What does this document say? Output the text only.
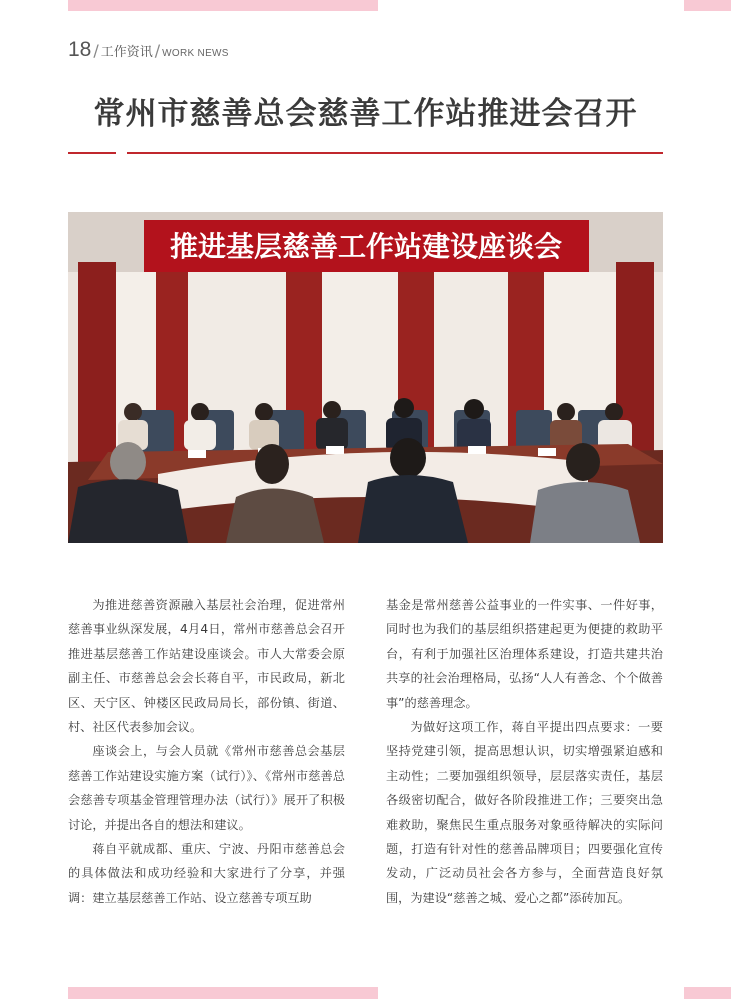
18 / 工作资讯 / WORK NEWS
常州市慈善总会慈善工作站推进会召开
推进基层慈善工作站建设座谈会

为推进慈善资源融入基层社会治理，促进常州慈善事业纵深发展，4月4日，常州市慈善总会召开推进基层慈善工作站建设座谈会。市人大常委会原副主任、市慈善总会会长蒋自平，市民政局，新北区、天宁区、钟楼区民政局局长，部份镇、街道、村、社区代表参加会议。

座谈会上，与会人员就《常州市慈善总会基层慈善工作站建设实施方案（试行）》、《常州市慈善总会慈善专项基金管理管理办法（试行）》展开了积极讨论，并提出各自的想法和建议。

蒋自平就成都、重庆、宁波、丹阳市慈善总会的具体做法和成功经验和大家进行了分享，并强调：建立基层慈善工作站、设立慈善专项互助

基金是常州慈善公益事业的一件实事、一件好事，同时也为我们的基层组织搭建起更为便捷的救助平台，有利于加强社区治理体系建设，打造共建共治共享的社会治理格局，弘扬“人人有善念、个个做善事”的慈善理念。

为做好这项工作，蒋自平提出四点要求：一要坚持党建引领，提高思想认识，切实增强紧迫感和主动性；二要加强组织领导，层层落实责任，基层各级密切配合，做好各阶段推进工作；三要突出急难救助，聚焦民生重点服务对象亟待解决的实际问题，打造有针对性的慈善品牌项目；四要强化宣传发动，广泛动员社会各方参与，全面营造良好氛围，为建设“慈善之城、爱心之都”添砖加瓦。
